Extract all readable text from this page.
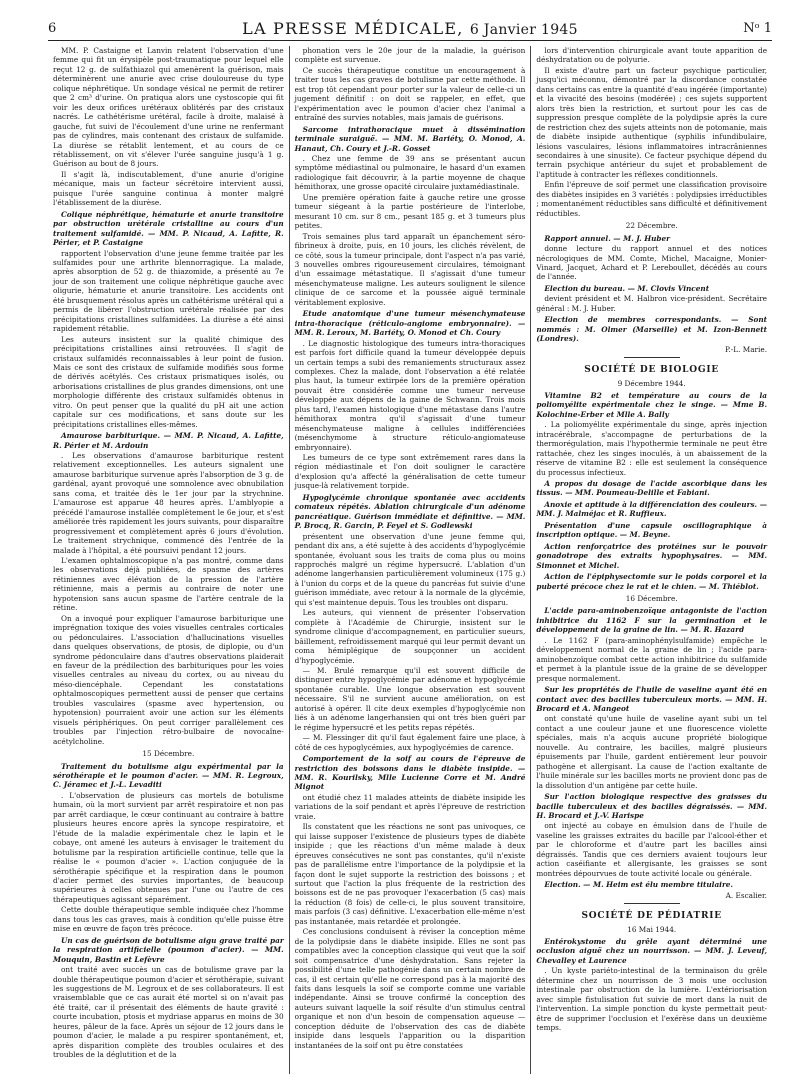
6	LA PRESSE MÉDICALE, 6 Janvier 1945	Nᵒ 1

MM. P. Castaigne et Lanvin relatent l'observation d'une femme qui fit un érysipèle post-traumatique pour lequel elle reçut 12 g. de sulfathiazol qui amenèrent la guérison, mais déterminèrent une anurie avec crise douloureuse du type colique néphrétique. Un sondage vésical ne permit de retirer que 2 cm³ d'urine. On pratiqua alors une cystoscopie qui fit voir les deux orifices urétéraux oblitérés par des cristaux nacrés. Le cathétérisme urétéral, facile à droite, malaisé à gauche, fut suivi de l'écoulement d'une urine ne renfermant pas de cylindres, mais contenant des cristaux de sulfamide. La diurèse se rétablit lentement, et au cours de ce rétablissement, on vit s'élever l'urée sanguine jusqu'à 1 g. Guérison au bout de 8 jours.

Il s'agit là, indiscutablement, d'une anurie d'origine mécanique, mais un facteur sécrétoire intervient aussi, puisque l'urée sanguine continua à monter malgré l'établissement de la diurèse.

Colique néphrétique, hématurie et anurie transitoire par obstruction urétérale cristalline au cours d'un traitement sulfamidé. — MM. P. Nicaud, A. Lafitte, R. Périer, et P. Castaigne

rapportent l'observation d'une jeune femme traitée par les sulfamides pour une arthrite blennorragique. La malade, après absorption de 52 g. de thiazomide, a présenté au 7e jour de son traitement une colique néphrétique gauche avec oligurie, hématurie et anurie transitoire. Les accidents ont été brusquement résolus après un cathétérisme urétéral qui a permis de libérer l'obstruction urétérale réalisée par des précipitations cristallines sulfamidées. La diurèse a été ainsi rapidement rétablie.

Les auteurs insistent sur la qualité chimique des précipitations cristallines ainsi retrouvées. Il s'agit de cristaux sulfamidés reconnaissables à leur point de fusion. Mais ce sont des cristaux de sulfamide modifiés sous forme de dérivés acétylés. Ces cristaux prismatiques isolés, ou arborisations cristallines de plus grandes dimensions, ont une morphologie différente des cristaux sulfamidés obtenus in vitro. On peut penser que la qualité du pH ait une action capitale sur ces modifications, et sans doute sur les précipitations cristallines elles-mêmes.

Amaurose barbiturique. — MM. P. Nicaud, A. Lafitte, R. Périer et M. Ardouin

. Les observations d'amaurose barbiturique restent relativement exceptionnelles. Les auteurs signalent une amaurose barbiturique survenue après l'absorption de 3 g. de gardénal, ayant provoqué une somnolence avec obnubilation sans coma, et traitée dès le 1er jour par la strychnine. L'amaurose est apparue 48 heures après. L'amblyopie a précédé l'amaurose installée complètement le 6e jour, et s'est améliorée très rapidement les jours suivants, pour disparaître progressivement et complètement après 6 jours d'évolution. Le traitement strychnique, commencé dès l'entrée de la malade à l'hôpital, a été poursuivi pendant 12 jours.

L'examen ophtalmoscopique n'a pas montré, comme dans les observations déjà publiées, de spasme des artères rétiniennes avec élévation de la pression de l'artère rétinienne, mais a permis au contraire de noter une hypotension sans aucun spasme de l'artère centrale de la rétine.

On a invoqué pour expliquer l'amaurose barbiturique une imprégnation toxique des voies visuelles centrales corticales ou pédonculaires. L'association d'hallucinations visuelles dans quelques observations, de ptosis, de diplopie, ou d'un syndrome pédonculaire dans d'autres observations plaiderait en faveur de la prédilection des barbituriques pour les voies visuelles centrales au niveau du cortex, ou au niveau du méso-diencéphale. Cependant les constatations ophtalmoscopiques permettent aussi de penser que certains troubles vasculaires (spasme avec hypertension, ou hypotension) pourraient avoir une action sur les éléments visuels périphériques. On peut corriger parallèlement ces troubles par l'injection rétro-bulbaire de novocaïne-acétylcholine.

15 Décembre.

Traitement du botulisme aigu expérimental par la sérothérapie et le poumon d'acier. — MM. R. Legroux, C. Jéramec et J.-L. Levaditi

. L'observation de plusieurs cas mortels de botulisme humain, où la mort survient par arrêt respiratoire et non pas par arrêt cardiaque, le cœur continuant au contraire à battre plusieurs heures encore après la syncope respiratoire, et l'étude de la maladie expérimentale chez le lapin et le cobaye, ont amené les auteurs à envisager le traitement du botulisme par la respiration artificielle continue, telle que la réalise le « poumon d'acier ». L'action conjuguée de la sérothérapie spécifique et la respiration dans le poumon d'acier permet des survies importantes, de beaucoup supérieures à celles obtenues par l'une ou l'autre de ces thérapeutiques agissant séparément.

Cette double thérapeutique semble indiquée chez l'homme dans tous les cas graves, mais à condition qu'elle puisse être mise en œuvre de façon très précoce.

Un cas de guérison de botulisme aigu grave traité par la respiration artificielle (poumon d'acier). — MM. Mouquin, Bastin et Lefèvre

ont traité avec succès un cas de botulisme grave par la double thérapeutique poumon d'acier et sérothérapie, suivant les suggestions de M. Legroux et de ses collaborateurs. Il est vraisemblable que ce cas aurait été mortel si on n'avait pas été traité, car il présentait des éléments de haute gravité : courte incubation, ptosis et mydriase apparus en moins de 30 heures, pâleur de la face. Après un séjour de 12 jours dans le poumon d'acier, le malade a pu respirer spontanément, et, après disparition complète des troubles oculaires et des troubles de la déglutition et de la

phonation vers le 20e jour de la maladie, la guérison complète est survenue.

Ce succès thérapeutique constitue un encouragement à traiter tous les cas graves de botulisme par cette méthode. Il est trop tôt cependant pour porter sur la valeur de celle-ci un jugement définitif : on doit se rappeler, en effet, que l'expérimentation avec le poumon d'acier chez l'animal a entraîné des survies notables, mais jamais de guérisons.

Sarcome intrathoracique muet à dissémination terminale suraiguë. — MM. M. Bariéty, O. Monod, A. Hanaut, Ch. Coury et J.-R. Gosset

. Chez une femme de 39 ans se présentant aucun symptôme médiastinal ou pulmonaire, le hasard d'un examen radiologique fait découvrir, à la partie moyenne de chaque hémithorax, une grosse opacité circulaire juxtamédiastinale.

Une première opération faite à gauche retire une grosse tumeur siégeant à la partie postérieure de l'interlobe, mesurant 10 cm. sur 8 cm., pesant 185 g. et 3 tumeurs plus petites.

Trois semaines plus tard apparaît un épanchement séro-fibrineux à droite, puis, en 10 jours, les clichés révèlent, de ce côté, sous la tumeur principale, dont l'aspect n'a pas varié, 3 nouvelles ombres rigoureusement circulaires, témoignant d'un essaimage métastatique. Il s'agissait d'une tumeur mésenchymateuse maligne. Les auteurs soulignent le silence clinique de ce sarcome et la poussée aiguë terminale véritablement explosive.

Etude anatomique d'une tumeur mésenchymateuse intra-thoracique (réticulo-angiome embryonnaire). — MM. R. Leroux, M. Bariéty, O. Monod et Ch. Coury

. Le diagnostic histologique des tumeurs intra-thoraciques est parfois fort difficile quand la tumeur développée depuis un certain temps a subi des remaniements structuraux assez complexes. Chez la malade, dont l'observation a été relatée plus haut, la tumeur extirpée lors de la première opération pouvait être considérée comme une tumeur nerveuse développée aux dépens de la gaine de Schwann. Trois mois plus tard, l'examen histologique d'une métastase dans l'autre hémithorax montra qu'il s'agissait d'une tumeur mésenchymateuse maligne à cellules indifférenciées (mésenchymome à structure réticulo-angiomateuse embryonnaire).

Les tumeurs de ce type sont extrêmement rares dans la région médiastinale et l'on doit souligner le caractère d'explosion qu'a affecté la généralisation de cette tumeur jusque-là relativement torpide.

Hypoglycémie chronique spontanée avec accidents comateux répétés. Ablation chirurgicale d'un adénome pancréatique. Guérison immédiate et définitive. — MM. P. Brocq, R. Garcin, P. Feyel et S. Godlewski

présentent une observation d'une jeune femme qui, pendant dix ans, a été sujette à des accidents d'hypoglycémie spontanée, évoluant sous les traits de coma plus ou moins rapprochés malgré un régime hypersucré. L'ablation d'un adénome langerhansien particulièrement volumineux (175 g.) à l'union du corps et de la queue du pancréas fut suivie d'une guérison immédiate, avec retour à la normale de la glycémie, qui s'est maintenue depuis. Tous les troubles ont disparu.

Les auteurs, qui viennent de présenter l'observation complète à l'Académie de Chirurgie, insistent sur le syndrome clinique d'accompagnement, en particulier sueurs, bâillement, refroidissement marqué qui leur permit devant un coma hémiplégique de soupçonner un accident d'hypoglycémie.

— M. Brulé remarque qu'il est souvent difficile de distinguer entre hypoglycémie par adénome et hypoglycémie spontanée curable. Une longue observation est souvent nécessaire. S'il ne survient aucune amélioration, on est autorisé à opérer. Il cite deux exemples d'hypoglycémie non liés à un adénome langerhansien qui ont très bien guéri par le régime hypersucré et les petits repas répétés.

— M. Flessinger dit qu'il faut également faire une place, à côté de ces hypoglycémies, aux hypoglycémies de carence.

Comportement de la soif au cours de l'épreuve de restriction des boissons dans le diabète insipide. — MM. R. Kourilsky, Mlle Lucienne Corre et M. André Mignot

ont étudié chez 11 malades atteints de diabète insipide les variations de la soif pendant et après l'épreuve de restriction vraie.

Ils constatent que les réactions ne sont pas univoques, ce qui laisse supposer l'existence de plusieurs types de diabète insipide ; que les réactions d'un même malade à deux épreuves consécutives ne sont pas constantes, qu'il n'existe pas de parallélisme entre l'importance de la polydipsie et la façon dont le sujet supporte la restriction des boissons ; et surtout que l'action la plus fréquente de la restriction des boissons est de ne pas provoquer l'exacerbation (5 cas) mais la réduction (8 fois) de celle-ci, le plus souvent transitoire, mais parfois (3 cas) définitive. L'exacerbation elle-même n'est pas instantanée, mais retardée et prolongée.

Ces conclusions conduisent à réviser la conception même de la polydipsie dans le diabète insipide. Elles ne sont pas compatibles avec la conception classique qui veut que la soif soit compensatrice d'une déshydratation. Sans rejeter la possibilité d'une telle pathogénie dans un certain nombre de cas, il est certain qu'elle ne correspond pas à la majorité des faits dans lesquels la soif se comporte comme une variable indépendante. Ainsi se trouve confirmé la conception des auteurs suivant laquelle la soif résulte d'un stimulus central organique et non d'un besoin de compensation aqueuse — conception déduite de l'observation des cas de diabète insipide dans lesquels l'apparition ou la disparition instantanées de la soif ont pu être constatées

lors d'intervention chirurgicale avant toute apparition de déshydratation ou de polyurie.

Il existe d'autre part un facteur psychique particulier, jusqu'ici méconnu, démontré par la discordance constatée dans certains cas entre la quantité d'eau ingérée (importante) et la vivacité des besoins (modérée) ; ces sujets supportent alors très bien la restriction, et surtout pour les cas de suppression presque complète de la polydipsie après la cure de restriction chez des sujets atteints non de potomanie, mais de diabète insipide authentique (syphilis infundibulaire, lésions vasculaires, lésions inflammatoires intracrâniennes secondaires à une sinusite). Ce facteur psychique dépend du terrain psychique antérieur du sujet et probablement de l'aptitude à contracter les réflexes conditionnels.

Enfin l'épreuve de soif permet une classification provisoire des diabètes insipides en 3 variétés : polydipsies irréductibles ; momentanément réductibles sans difficulté et définitivement réductibles.

22 Décembre.

Rapport annuel. — M. J. Huber

donne lecture du rapport annuel et des notices nécrologiques de MM. Comte, Michel, Macaigne, Monier-Vinard, Jacquet, Achard et P. Lereboullet, décédés au cours de l'année.

Election du bureau. — M. Clovis Vincent

devient président et M. Halbron vice-président. Secrétaire général : M. J. Huber.

Election de membres correspondants. — Sont nommés : M. Olmer (Marseille) et M. Izon-Bennett (Londres).

P.-L. Marie.

SOCIÉTÉ DE BIOLOGIE

9 Décembre 1944.

Vitamine B2 et température au cours de la poliomyélite expérimentale chez le singe. — Mme B. Kolochine-Erber et Mlle A. Bally

. La poliomyélite expérimentale du singe, après injection intracérébrale, s'accompagne de perturbations de la thermorégulation, mais l'hypothermie terminale ne peut être rattachée, chez les singes inoculés, à un abaissement de la réserve de vitamine B2 : elle est seulement la conséquence du processus infectieux.

A propos du dosage de l'acide ascorbique dans les tissus. — MM. Poumeau-Delille et Fabiani.

Anoxie et aptitude à la différenciation des couleurs. — MM. J. Malméjac et R. Ruffieux.

Présentation d'une capsule oscillographique à inscription optique. — M. Beyne.

Action renforçatrice des protéines sur le pouvoir gonadotrope des extraits hypophysaires. — MM. Simonnet et Michel.

Action de l'épiphysectomie sur le poids corporel et la puberté précoce chez le rat et le chien. — M. Thiéblot.

16 Décembre.

L'acide para-aminobenzoïque antagoniste de l'action inhibitrice du 1162 F sur la germination et le développement de la graine de lin. — M. R. Hazard

. Le 1162 F (para-aminophénylsulfamide) empêche le développement normal de la graine de lin ; l'acide para-aminobenzoïque combat cette action inhibitrice du sulfamide et permet à la plantule issue de la graine de se développer presque normalement.

Sur les propriétés de l'huile de vaseline ayant été en contact avec des bacilles tuberculeux morts. — MM. H. Brocard et A. Mangeot

ont constaté qu'une huile de vaseline ayant subi un tel contact a une couleur jaune et une fluorescence violette spéciales, mais n'a acquis aucune propriété biologique nouvelle. Au contraire, les bacilles, malgré plusieurs épuisements par l'huile, gardent entièrement leur pouvoir pathogène et allergisant. La cause de l'action exaltante de l'huile minérale sur les bacilles morts ne provient donc pas de la dissolution d'un antigène par cette huile.

Sur l'action biologique respective des graisses du bacille tuberculeux et des bacilles dégraissés. — MM. H. Brocard et J.-V. Harispe

ont injecté au cobaye en émulsion dans de l'huile de vaseline les graisses extraites du bacille par l'alcool-éther et par le chloroforme et d'autre part les bacilles ainsi dégraissés. Tandis que ces derniers avaient toujours leur action caséifiante et allergisante, les graisses se sont montrées dépourvues de toute activité locale ou générale.

Election. — M. Heim est élu membre titulaire.

A. Escalier.

SOCIÉTÉ DE PÉDIATRIE

16 Mai 1944.

Entérokystome du grêle ayant déterminé une occlusion aiguë chez un nourrisson. — MM. J. Leveuf, Chevalley et Laurence

. Un kyste pariéto-intestinal de la terminaison du grêle détermine chez un nourrisson de 3 mois une occlusion intestinale par obstruction de la lumière. L'extériorisation avec simple fistulisation fut suivie de mort dans la nuit de l'intervention. La simple ponction du kyste permettait peut-être de supprimer l'occlusion et l'exérèse dans un deuxième temps.
